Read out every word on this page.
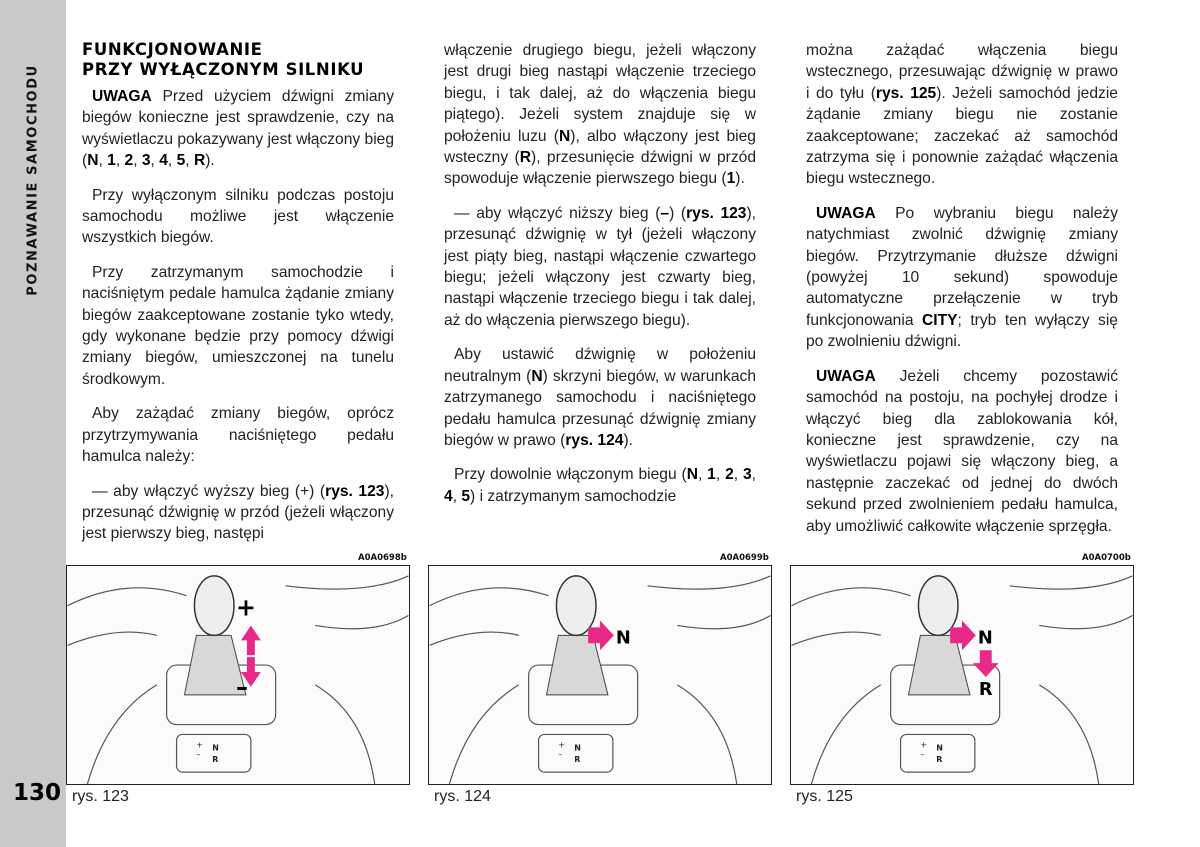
POZNAWANIE SAMOCHODU
130
FUNKCJONOWANIE
PRZY WYŁĄCZONYM SILNIKU

UWAGA Przed użyciem dźwigni zmiany biegów konieczne jest sprawdzenie, czy na wyświetlaczu pokazywany jest włączony bieg (N, 1, 2, 3, 4, 5, R).

Przy wyłączonym silniku podczas postoju samochodu możliwe jest włączenie wszystkich biegów.

Przy zatrzymanym samochodzie i naciśniętym pedale hamulca żądanie zmiany biegów zaakceptowane zostanie tyko wtedy, gdy wykonane będzie przy pomocy dźwigi zmiany biegów, umieszczonej na tunelu środkowym.

Aby zażądać zmiany biegów, oprócz przytrzymywania naciśniętego pedału hamulca należy:

— aby włączyć wyższy bieg (+) (rys. 123), przesunąć dźwignię w przód (jeżeli włączony jest pierwszy bieg, następi

włączenie drugiego biegu, jeżeli włączony jest drugi bieg nastąpi włączenie trzeciego biegu, i tak dalej, aż do włączenia biegu piątego). Jeżeli system znajduje się w położeniu luzu (N), albo włączony jest bieg wsteczny (R), przesunięcie dźwigni w przód spowoduje włączenie pierwszego biegu (1).

— aby włączyć niższy bieg (–) (rys. 123), przesunąć dźwignię w tył (jeżeli włączony jest piąty bieg, nastąpi włączenie czwartego biegu; jeżeli włączony jest czwarty bieg, nastąpi włączenie trzeciego biegu i tak dalej, aż do włączenia pierwszego biegu).

Aby ustawić dźwignię w położeniu neutralnym (N) skrzyni biegów, w warunkach zatrzymanego samochodu i naciśniętego pedału hamulca przesunąć dźwignię zmiany biegów w prawo (rys. 124).

Przy dowolnie włączonym biegu (N, 1, 2, 3, 4, 5) i zatrzymanym samochodzie

można zażądać włączenia biegu wstecznego, przesuwając dźwignię w prawo i do tyłu (rys. 125). Jeżeli samochód jedzie żądanie zmiany biegu nie zostanie zaakceptowane; zaczekać aż samochód zatrzyma się i ponownie zażądać włączenia biegu wstecznego.

UWAGA Po wybraniu biegu należy natychmiast zwolnić dźwignię zmiany biegów. Przytrzymanie dłuższe dźwigni (powyżej 10 sekund) spowoduje automatyczne przełączenie w tryb funkcjonowania CITY; tryb ten wyłączy się po zwolnieniu dźwigni.

UWAGA Jeżeli chcemy pozostawić samochód na postoju, na pochyłej drodze i włączyć bieg dla zablokowania kół, konieczne jest sprawdzenie, czy na wyświetlaczu pojawi się włączony bieg, a następnie zaczekać od jednej do dwóch sekund przed zwolnieniem pedału hamulca, aby umożliwić całkowite włączenie sprzęgła.

A0A0698b	A0A0699b	A0A0700b
+
–
+
–
N
R
N
+
–
N
R
N
R
+
–
N
R
rys. 123	rys. 124	rys. 125
